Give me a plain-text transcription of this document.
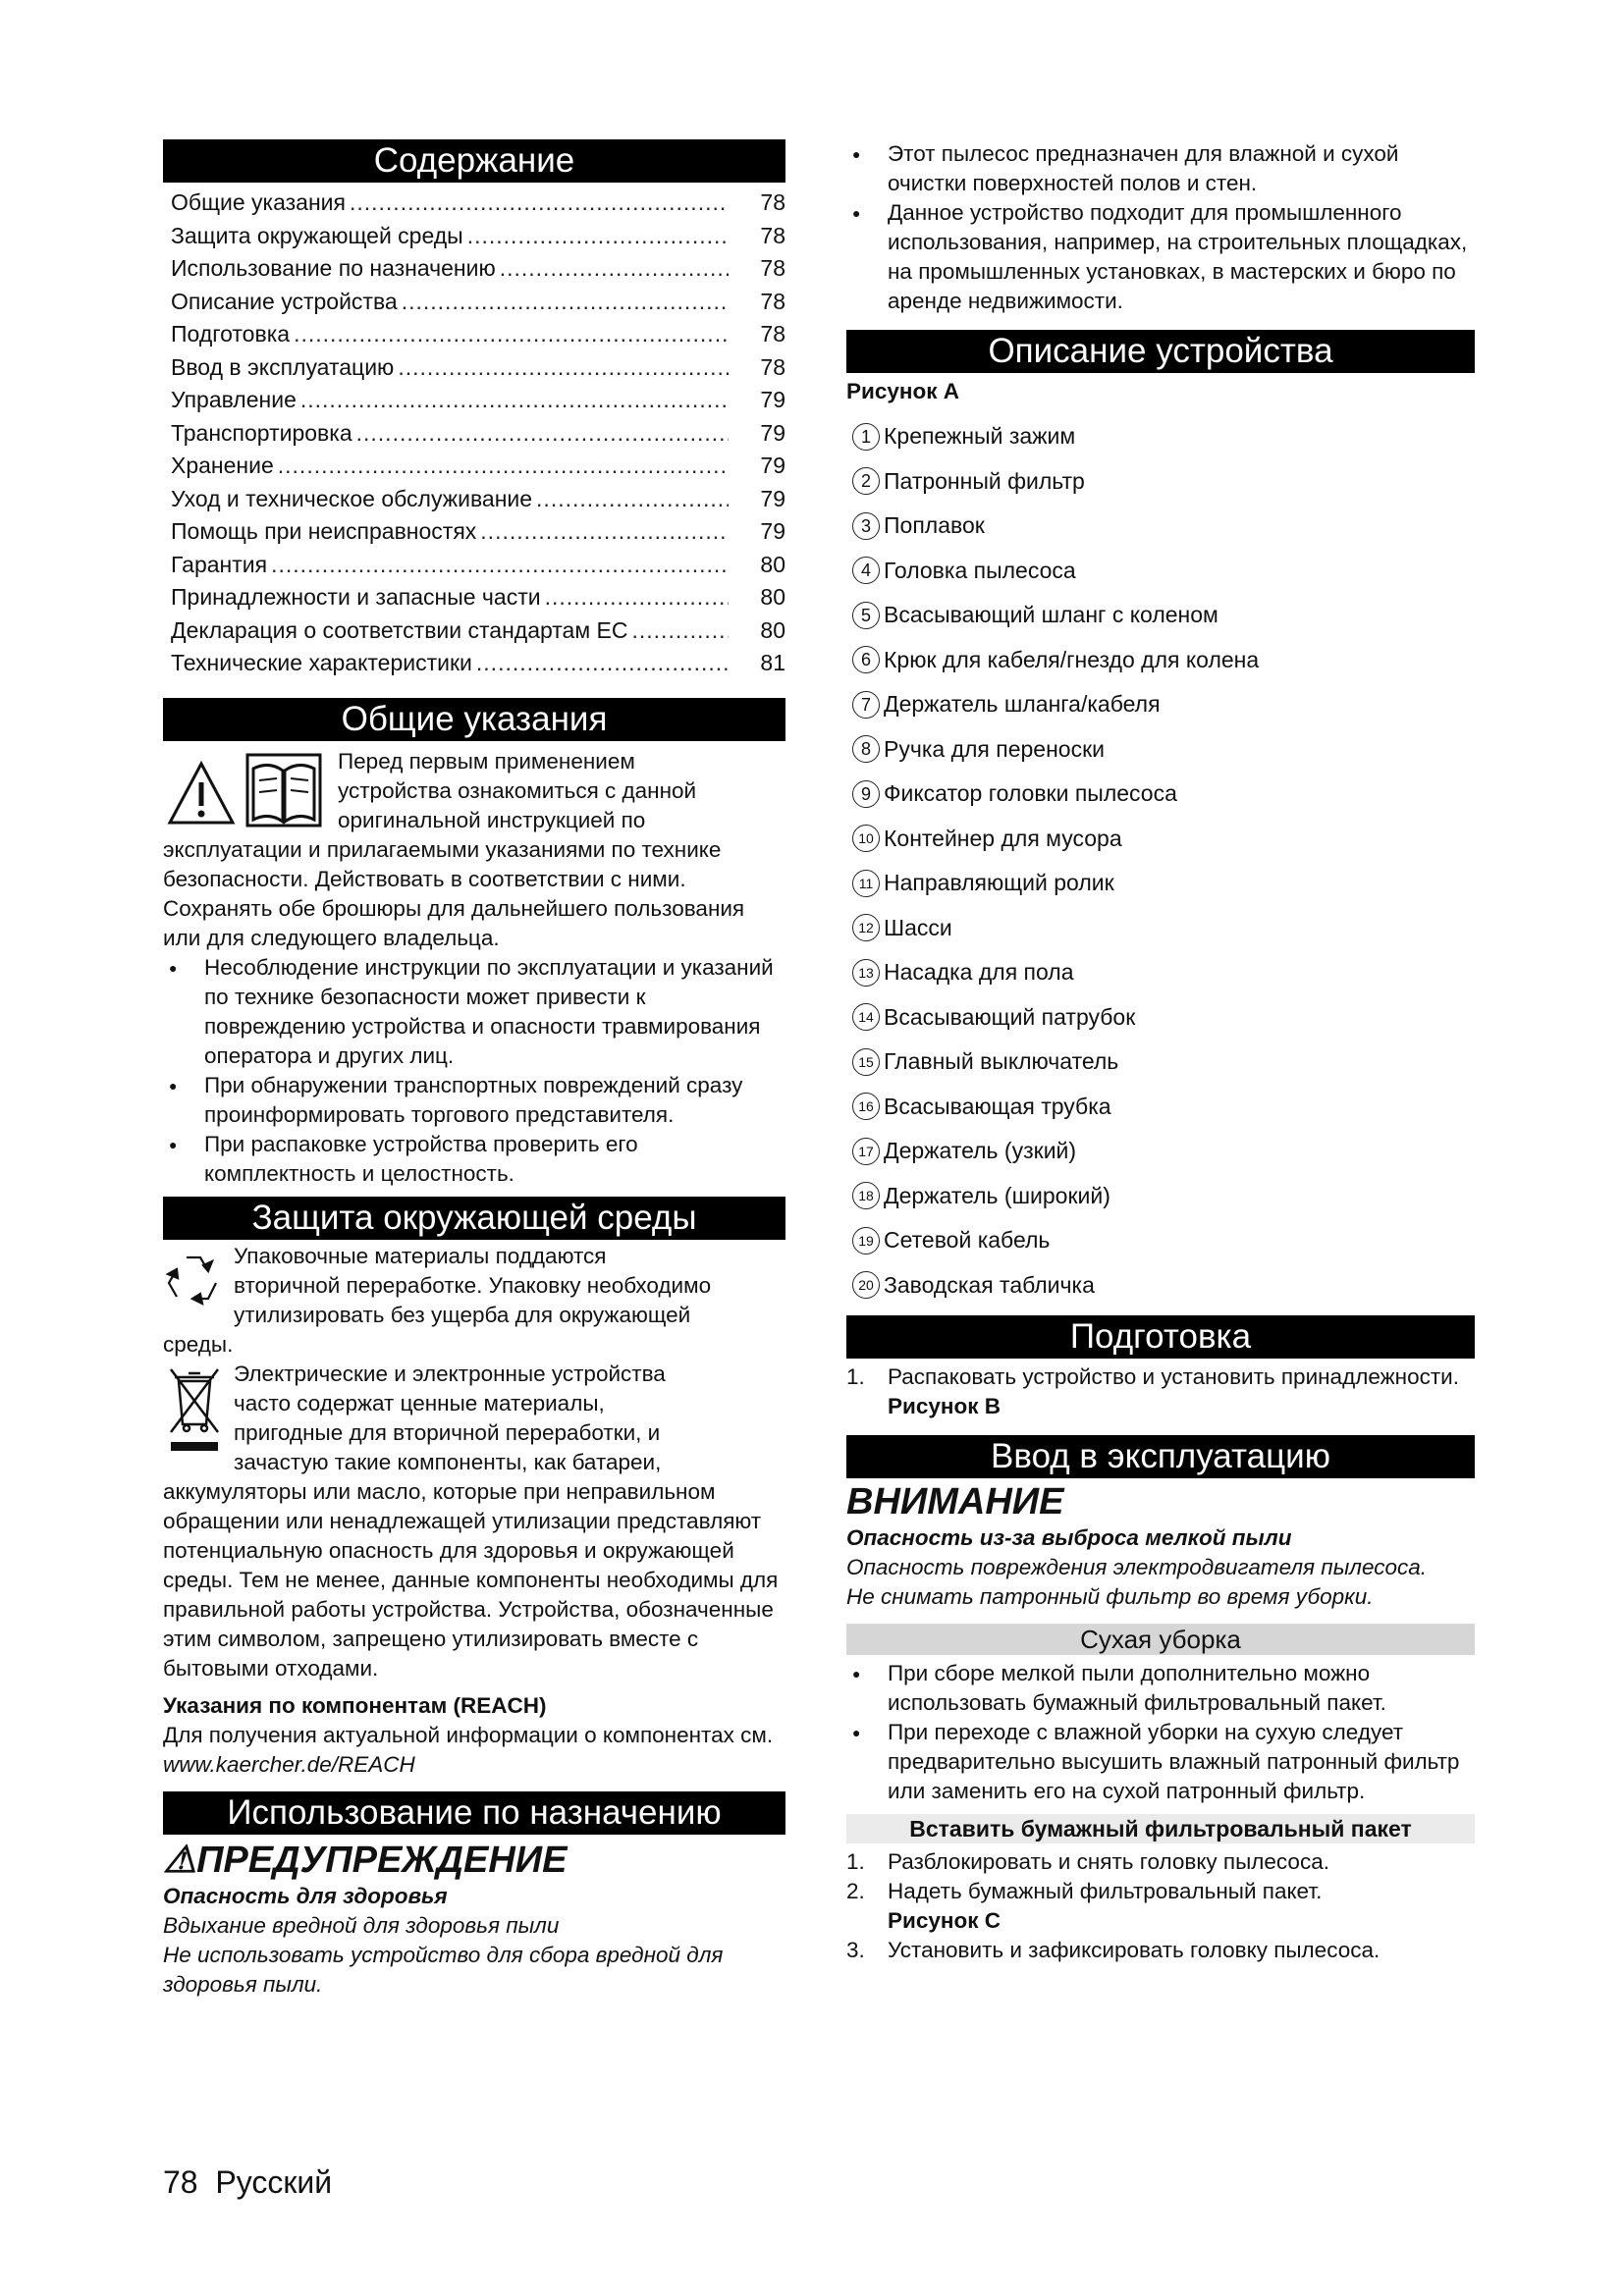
Содержание
Общие указания .....	78
Защита окружающей среды .....	78
Использование по назначению .....	78
Описание устройства .....	78
Подготовка .....	78
Ввод в эксплуатацию .....	78
Управление .....	79
Транспортировка .....	79
Хранение .....	79
Уход и техническое обслуживание .....	79
Помощь при неисправностях .....	79
Гарантия .....	80
Принадлежности и запасные части .....	80
Декларация о соответствии стандартам ЕС .....	80
Технические характеристики .....	81
Общие указания

Перед первым применением

устройства ознакомиться с данной

оригинальной инструкцией по

эксплуатации и прилагаемыми указаниями по технике безопасности. Действовать в соответствии с ними.

Сохранять обе брошюры для дальнейшего пользования или для следующего владельца.

● Несоблюдение инструкции по эксплуатации и указаний по технике безопасности может привести к повреждению устройства и опасности травмирования оператора и других лиц.

● При обнаружении транспортных повреждений сразу проинформировать торгового представителя.

● При распаковке устройства проверить его комплектность и целостность.

Защита окружающей среды

Упаковочные материалы поддаются

вторичной переработке. Упаковку необходимо

утилизировать без ущерба для окружающей

среды.

Электрические и электронные устройства

часто содержат ценные материалы,

пригодные для вторичной переработки, и

зачастую такие компоненты, как батареи,

аккумуляторы или масло, которые при неправильном обращении или ненадлежащей утилизации представляют потенциальную опасность для здоровья и окружающей среды. Тем не менее, данные компоненты необходимы для правильной работы устройства. Устройства, обозначенные этим символом, запрещено утилизировать вместе с бытовыми отходами.

Указания по компонентам (REACH)

Для получения актуальной информации о компонентах см. www.kaercher.de/REACH

Использование по назначению
⚠ПРЕДУПРЕЖДЕНИЕ

Опасность для здоровья

Вдыхание вредной для здоровья пыли

Не использовать устройство для сбора вредной для здоровья пыли.

● Этот пылесос предназначен для влажной и сухой очистки поверхностей полов и стен.

● Данное устройство подходит для промышленного использования, например, на строительных площадках, на промышленных установках, в мастерских и бюро по аренде недвижимости.

Описание устройства

Рисунок A

1 Крепежный зажим
2 Патронный фильтр
3 Поплавок
4 Головка пылесоса
5 Всасывающий шланг с коленом
6 Крюк для кабеля/гнездо для колена
7 Держатель шланга/кабеля
8 Ручка для переноски
9 Фиксатор головки пылесоса
10 Контейнер для мусора
11 Направляющий ролик
12 Шасси
13 Насадка для пола
14 Всасывающий патрубок
15 Главный выключатель
16 Всасывающая трубка
17 Держатель (узкий)
18 Держатель (широкий)
19 Сетевой кабель
20 Заводская табличка
Подготовка
1. Распаковать устройство и установить принадлежности.

Рисунок B

Ввод в эксплуатацию
ВНИМАНИЕ

Опасность из-за выброса мелкой пыли

Опасность повреждения электродвигателя пылесоса.

Не снимать патронный фильтр во время уборки.

Сухая уборка

● При сборе мелкой пыли дополнительно можно использовать бумажный фильтровальный пакет.

● При переходе с влажной уборки на сухую следует предварительно высушить влажный патронный фильтр или заменить его на сухой патронный фильтр.

Вставить бумажный фильтровальный пакет
1. Разблокировать и снять головку пылесоса.
2. Надеть бумажный фильтровальный пакет.

Рисунок C

3. Установить и зафиксировать головку пылесоса.
78 Русский
